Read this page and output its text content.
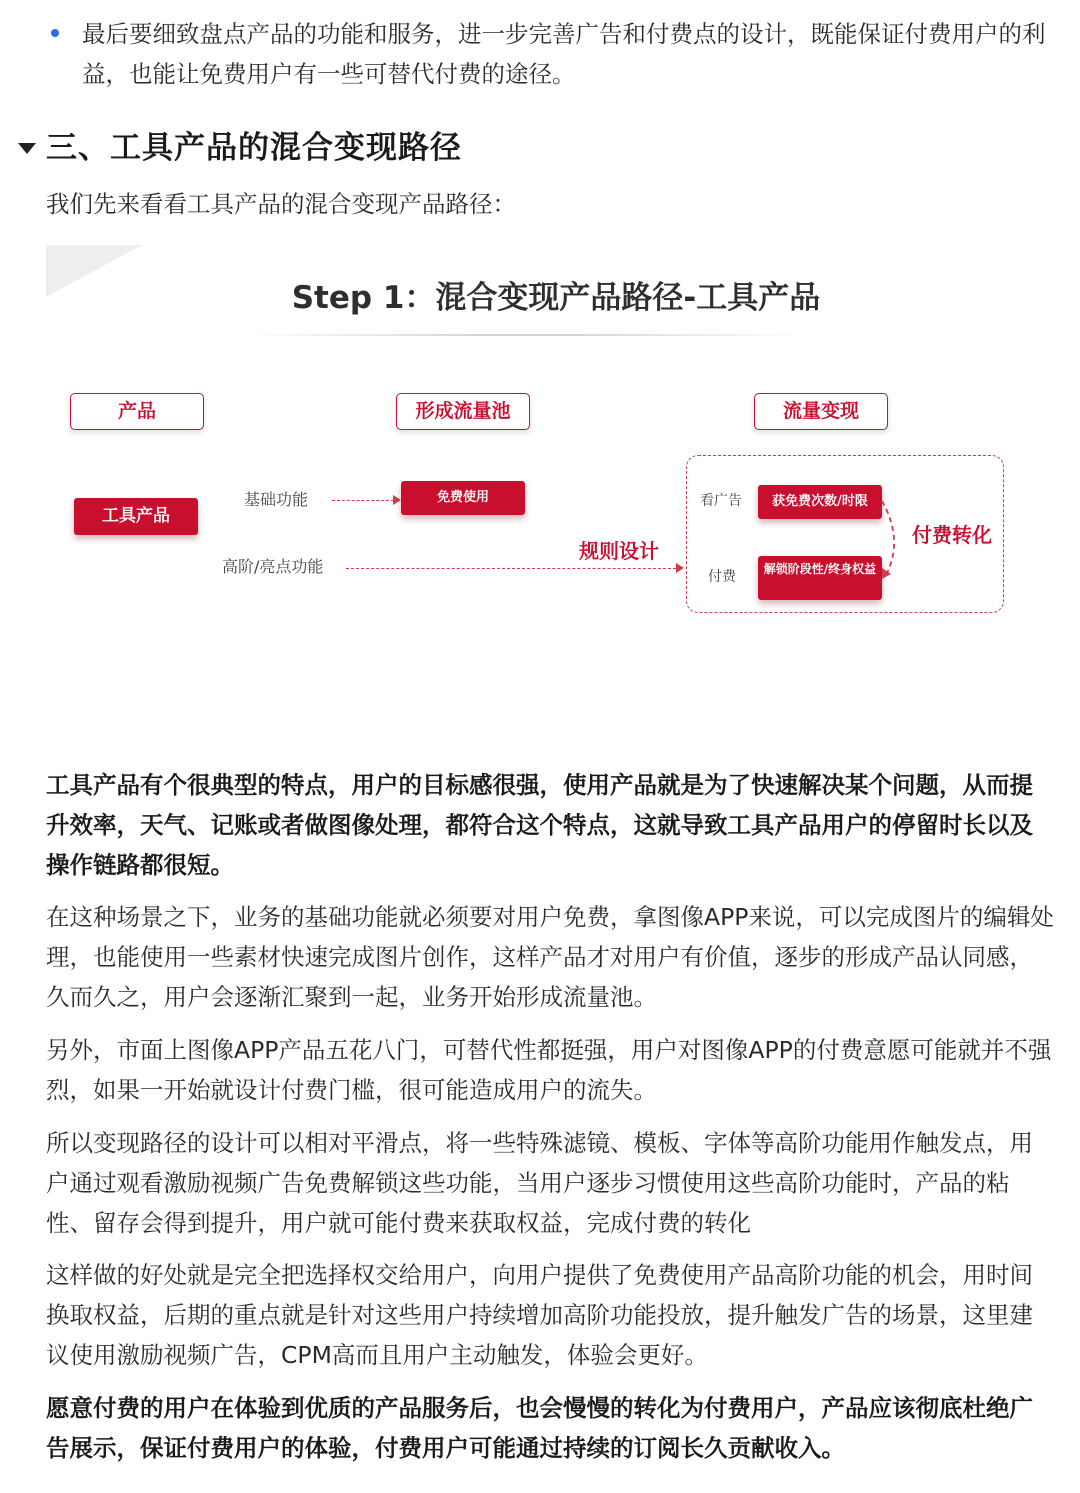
最后要细致盘点产品的功能和服务，进一步完善广告和付费点的设计，既能保证付费用户的利益，也能让免费用户有一些可替代付费的途径。
三、工具产品的混合变现路径
我们先来看看工具产品的混合变现产品路径：
Step 1：混合变现产品路径-工具产品
产品	形成流量池	流量变现
工具产品
基础功能	免费使用
高阶/亮点功能
规则设计
看广告
付费
获免费次数/时限
解锁阶段性/终身权益
付费转化
工具产品有个很典型的特点，用户的目标感很强，使用产品就是为了快速解决某个问题，从而提升效率，天气、记账或者做图像处理，都符合这个特点，这就导致工具产品用户的停留时长以及操作链路都很短。
在这种场景之下，业务的基础功能就必须要对用户免费，拿图像APP来说，可以完成图片的编辑处理，也能使用一些素材快速完成图片创作，这样产品才对用户有价值，逐步的形成产品认同感，久而久之，用户会逐渐汇聚到一起，业务开始形成流量池。
另外，市面上图像APP产品五花八门，可替代性都挺强，用户对图像APP的付费意愿可能就并不强烈，如果一开始就设计付费门槛，很可能造成用户的流失。
所以变现路径的设计可以相对平滑点，将一些特殊滤镜、模板、字体等高阶功能用作触发点，用户通过观看激励视频广告免费解锁这些功能，当用户逐步习惯使用这些高阶功能时，产品的粘性、留存会得到提升，用户就可能付费来获取权益，完成付费的转化
这样做的好处就是完全把选择权交给用户，向用户提供了免费使用产品高阶功能的机会，用时间换取权益，后期的重点就是针对这些用户持续增加高阶功能投放，提升触发广告的场景，这里建议使用激励视频广告，CPM高而且用户主动触发，体验会更好。
愿意付费的用户在体验到优质的产品服务后，也会慢慢的转化为付费用户，产品应该彻底杜绝广告展示，保证付费用户的体验，付费用户可能通过持续的订阅长久贡献收入。
